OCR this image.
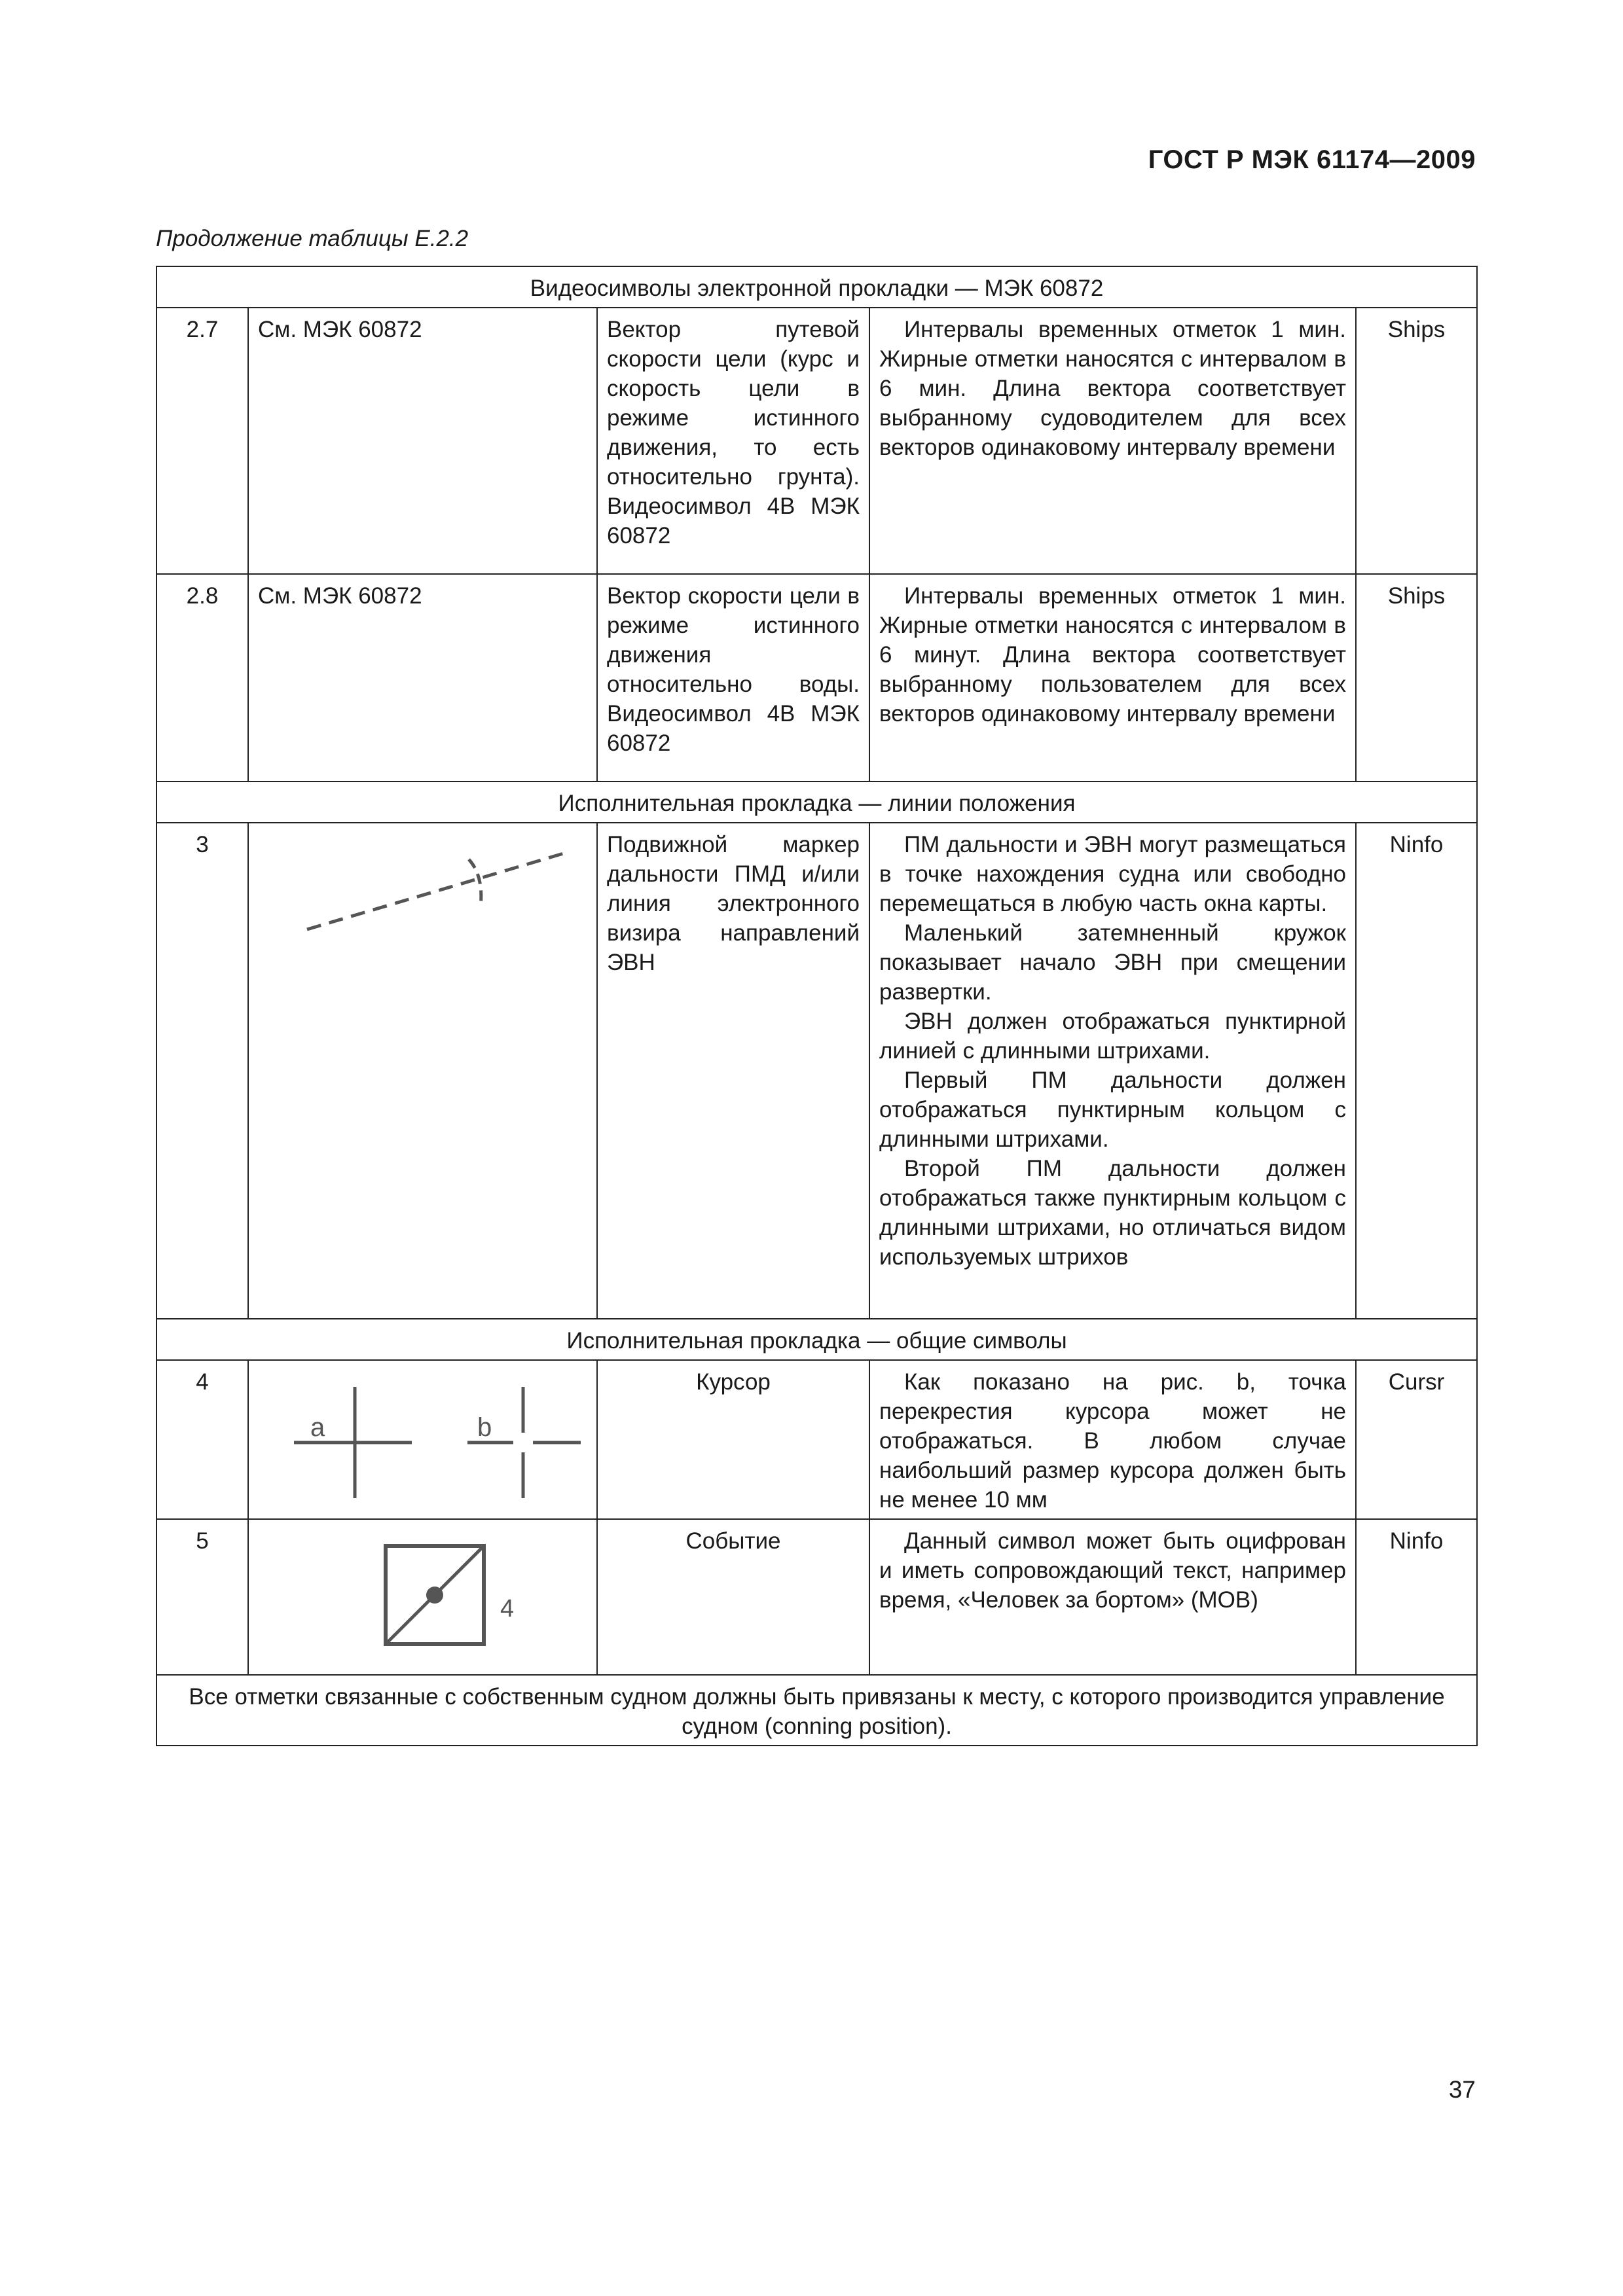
ГОСТ Р МЭК 61174—2009
Продолжение таблицы E.2.2
Видеосимволы электронной прокладки — МЭК 60872				
2.7	См. МЭК 60872	Вектор путевой скорости цели (курс и скорость цели в режиме истинного движения, то есть относительно грунта). Видеосимвол 4B МЭК 60872	Интервалы временных отметок 1 мин. Жирные отметки наносятся с интервалом в 6 мин. Длина вектора соответствует выбранному судоводителем для всех векторов одинаковому интервалу времени	Ships
2.8	См. МЭК 60872	Вектор скорости цели в режиме истинного движения относительно воды. Видеосимвол 4B МЭК 60872	Интервалы временных отметок 1 мин. Жирные отметки наносятся с интервалом в 6 минут. Длина вектора соответствует выбранному пользователем для всех векторов одинаковому интервалу времени	Ships
Исполнительная прокладка — линии положения				
3		Подвижной маркер дальности ПМД и/или линия электронного визира направлений ЭВН	ПМ дальности и ЭВН могут размещаться в точке нахождения судна или свободно перемещаться в любую часть окна карты.
Маленький затемненный кружок показывает начало ЭВН при смещении развертки.
ЭВН должен отображаться пунктирной линией с длинными штрихами.
Первый ПМ дальности должен отображаться пунктирным кольцом с длинными штрихами.
Второй ПМ дальности должен отображаться также пунктирным кольцом с длинными штрихами, но отличаться видом используемых штрихов	Ninfo
Исполнительная прокладка — общие символы				
4	a b	Курсор	Как показано на рис. b, точка перекрестия курсора может не отображаться. В любом случае наибольший размер курсора должен быть не менее 10 мм	Cursr
5	4	Событие	Данный символ может быть оцифрован и иметь сопровождающий текст, например время, «Человек за бортом» (МОВ)	Ninfo
Все отметки связанные с собственным судном должны быть привязаны к месту, с которого производится управление судном (conning position).				
37
